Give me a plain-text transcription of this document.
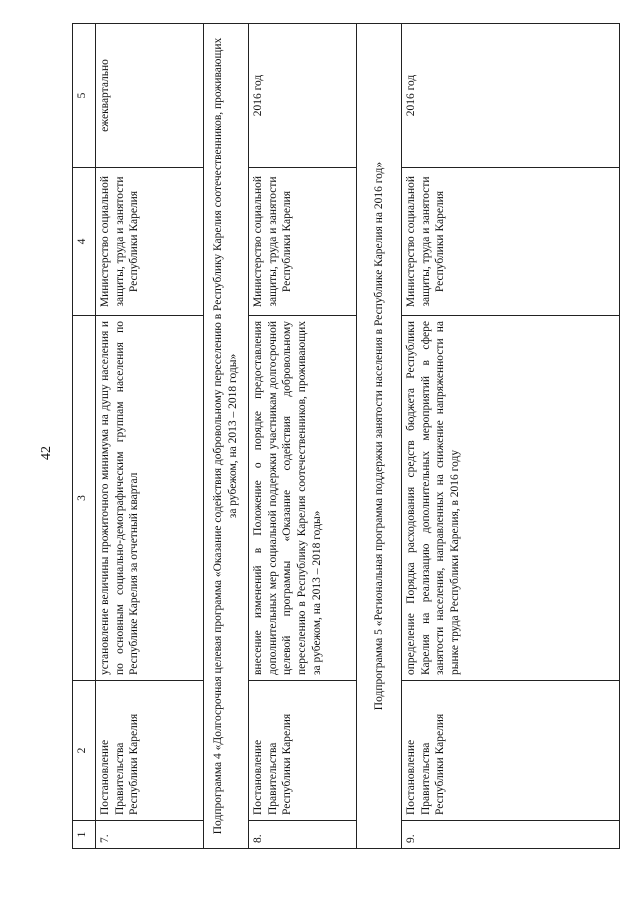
42
1	2	3	4	5
7.	Постановление Правительства Республики Карелия	установление величины прожиточного минимума на душу населения и по основным социально-демографическим группам населения по Республике Карелия за отчетный квартал	Министерство социальной защиты, труда и занятости Республики Карелия	ежеквартально
Подпрограмма 4 «Долгосрочная целевая программа «Оказание содействия добровольному переселению в Республику Карелия соотечественников, проживающих за рубежом, на 2013 – 2018 годы»				
8.	Постановление Правительства Республики Карелия	внесение изменений в Положение о порядке предоставления дополнительных мер социальной поддержки участникам долгосрочной целевой программы «Оказание содействия добровольному переселению в Республику Карелия соотечественников, проживающих за рубежом, на 2013 – 2018 годы»	Министерство социальной защиты, труда и занятости Республики Карелия	2016 год
Подпрограмма 5 «Региональная программа поддержки занятости населения в Республике Карелия на 2016 год»				
9.	Постановление Правительства Республики Карелия	определение Порядка расходования средств бюджета Республики Карелия на реализацию дополнительных мероприятий в сфере занятости населения, направленных на снижение напряженности на рынке труда Республики Карелия, в 2016 году	Министерство социальной защиты, труда и занятости Республики Карелия	2016 год
